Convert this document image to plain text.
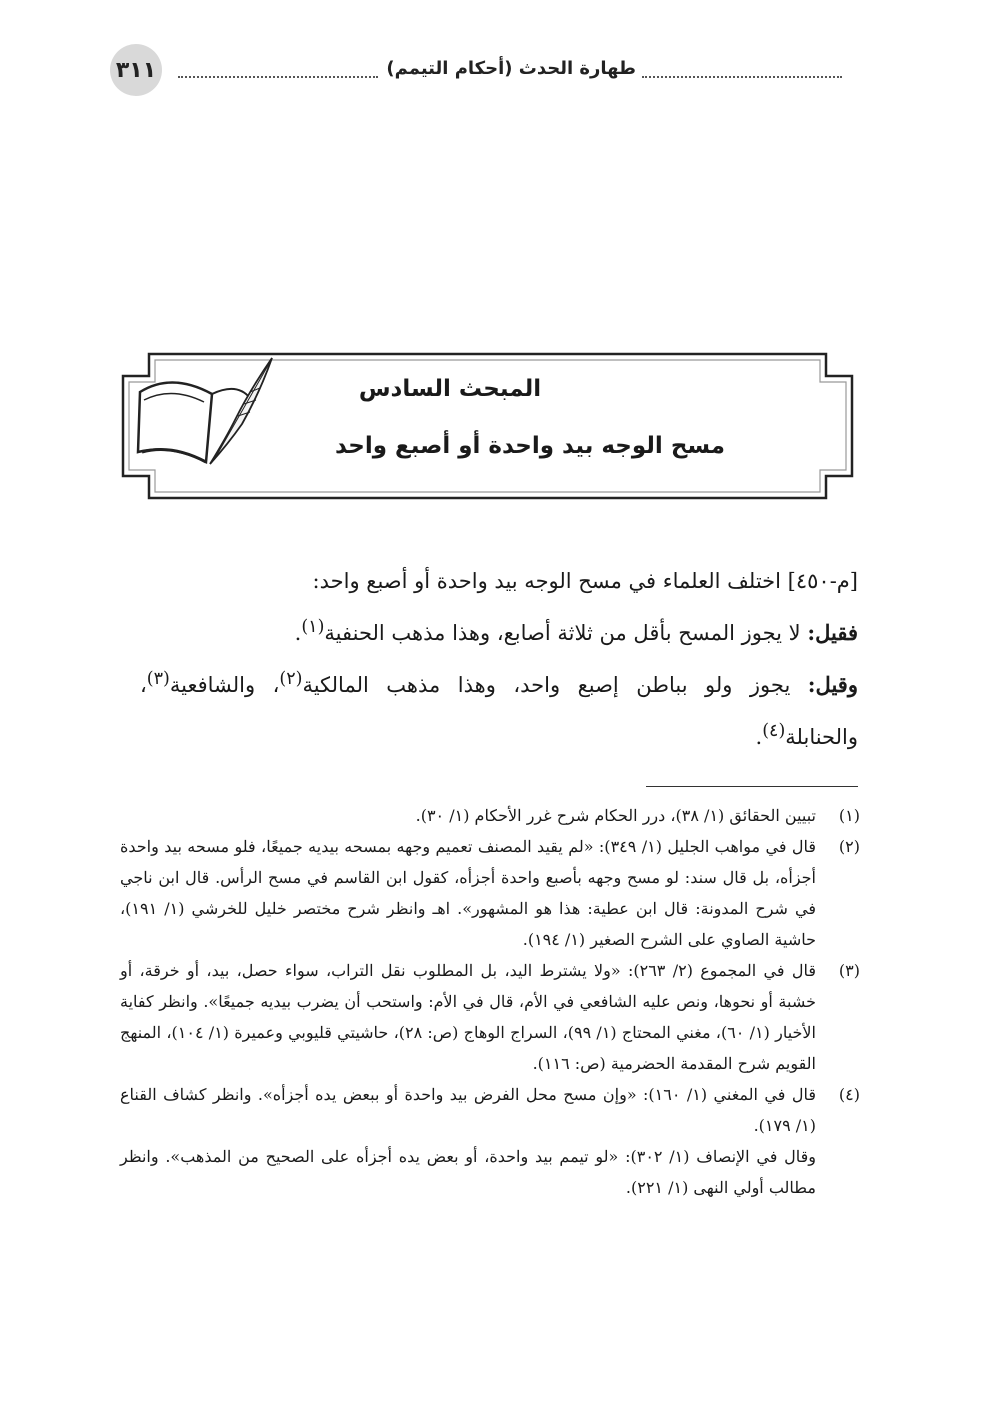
٣١١	طهارة الحدث (أحكام التيمم)
المبحث السادس
مسح الوجه بيد واحدة أو أصبع واحد

[م-٤٥٠] اختلف العلماء في مسح الوجه بيد واحدة أو أصبع واحد:

فقيل: لا يجوز المسح بأقل من ثلاثة أصابع، وهذا مذهب الحنفية$^{(١)}$.

وقيل: يجوز ولو بباطن إصبع واحد، وهذا مذهب المالكية$^{(٢)}$، والشافعية$^{(٣)}$، والحنابلة$^{(٤)}$.

(١)
تبيين الحقائق (١/ ٣٨)، درر الحكام شرح غرر الأحكام (١/ ٣٠).
(٢)
قال في مواهب الجليل (١/ ٣٤٩): «لم يقيد المصنف تعميم وجهه بمسحه بيديه جميعًا، فلو مسحه بيد واحدة أجزأه، بل قال سند: لو مسح وجهه بأصبع واحدة أجزأه، كقول ابن القاسم في مسح الرأس. قال ابن ناجي في شرح المدونة: قال ابن عطية: هذا هو المشهور». اهـ وانظر شرح مختصر خليل للخرشي (١/ ١٩١)، حاشية الصاوي على الشرح الصغير (١/ ١٩٤).
(٣)
قال في المجموع (٢/ ٢٦٣): «ولا يشترط اليد، بل المطلوب نقل التراب، سواء حصل، بيد، أو خرقة، أو خشبة أو نحوها، ونص عليه الشافعي في الأم، قال في الأم: واستحب أن يضرب بيديه جميعًا». وانظر كفاية الأخيار (١/ ٦٠)، مغني المحتاج (١/ ٩٩)، السراج الوهاج (ص: ٢٨)، حاشيتي قليوبي وعميرة (١/ ١٠٤)، المنهج القويم شرح المقدمة الحضرمية (ص: ١١٦).
(٤)
قال في المغني (١/ ١٦٠): «وإن مسح محل الفرض بيد واحدة أو ببعض يده أجزأه». وانظر كشاف القناع (١/ ١٧٩).
وقال في الإنصاف (١/ ٣٠٢): «لو تيمم بيد واحدة، أو بعض يده أجزأه على الصحيح من المذهب». وانظر مطالب أولي النهى (١/ ٢٢١).
